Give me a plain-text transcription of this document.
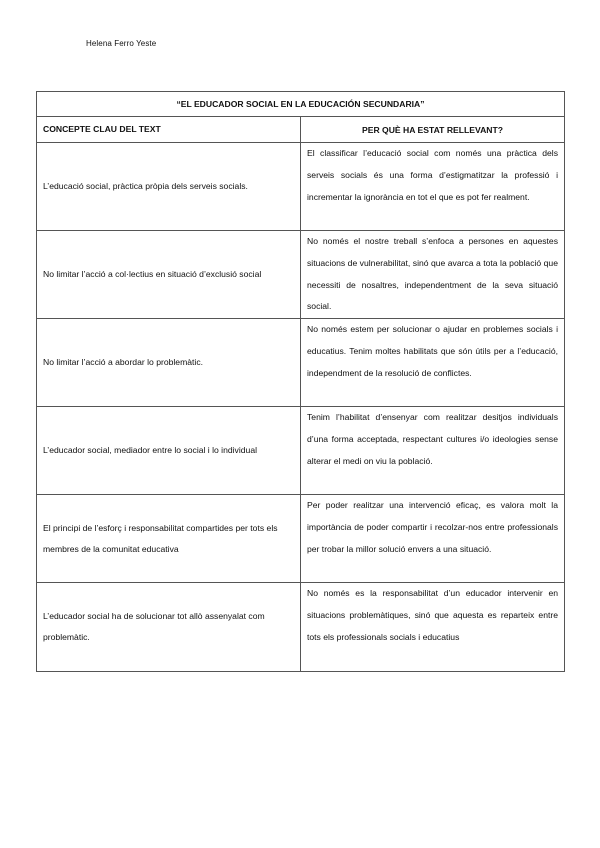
Helena Ferro Yeste
“EL EDUCADOR SOCIAL EN LA EDUCACIÓN SECUNDARIA”	
CONCEPTE CLAU DEL TEXT	PER QUÈ HA ESTAT RELLEVANT?
L’educació social, pràctica pròpia dels serveis socials.	El classificar l’educació social com només una pràctica dels serveis socials és una forma d’estigmatitzar la professió i incrementar la ignorància en tot el que es pot fer realment.
No limitar l’acció a col·lectius en situació d’exclusió social	No només el nostre treball s’enfoca a persones en aquestes situacions de vulnerabilitat, sinó que avarca a tota la població que necessiti de nosaltres, independentment de la seva situació social.
No limitar l’acció a abordar lo problemàtic.	No només estem per solucionar o ajudar en problemes socials i educatius. Tenim moltes habilitats que són útils per a l’educació, independment de la resolució de conflictes.
L’educador social, mediador entre lo social i lo individual	Tenim l’habilitat d’ensenyar com realitzar desitjos individuals d’una forma acceptada, respectant cultures i/o ideologies sense alterar el medi on viu la població.
El principi de l’esforç i responsabilitat compartides per tots els membres de la comunitat educativa	Per poder realitzar una intervenció eficaç, es valora molt la importància de poder compartir i recolzar-nos entre professionals per trobar la millor solució envers a una situació.
L’educador social ha de solucionar tot allò assenyalat com problemàtic.	No només es la responsabilitat d’un educador intervenir en situacions problemàtiques, sinó que aquesta es reparteix entre tots els professionals socials i educatius
